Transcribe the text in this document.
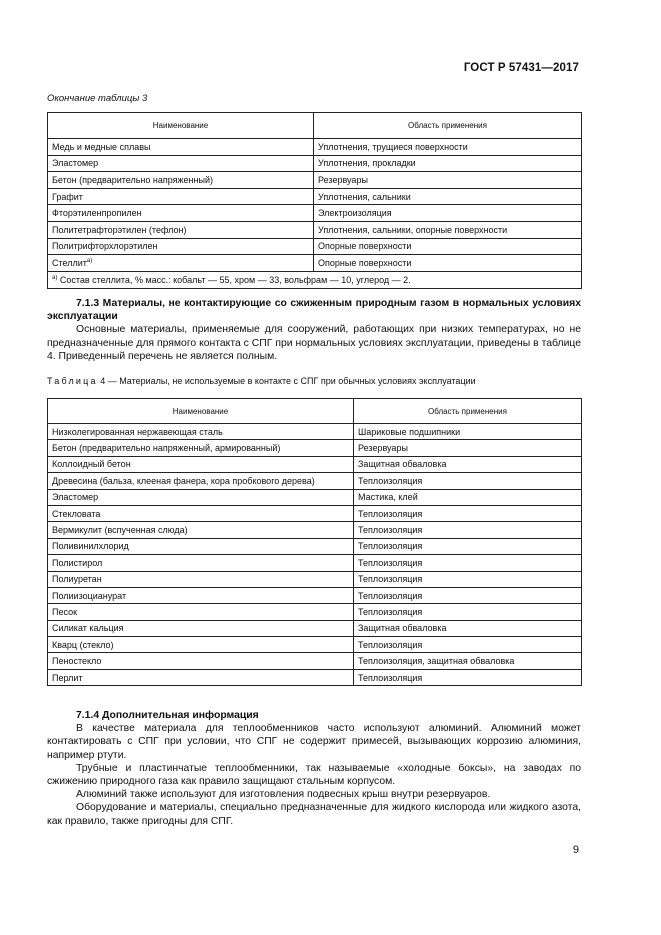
ГОСТ Р 57431—2017
Окончание таблицы 3
Наименование	Область применения
Медь и медные сплавы	Уплотнения, трущиеся поверхности
Эластомер	Уплотнения, прокладки
Бетон (предварительно напряженный)	Резервуары
Графит	Уплотнения, сальники
Фторэтиленпропилен	Электроизоляция
Политетрафторэтилен (тефлон)	Уплотнения, сальники, опорные поверхности
Политрифторхлорэтилен	Опорные поверхности
Стеллит$^{а)}$	Опорные поверхности
$^{а)}$ Состав стеллита, % масс.: кобальт — 55, хром — 33, вольфрам — 10, углерод — 2.	
7.1.3 Материалы, не контактирующие со сжиженным природным газом в нормальных условиях эксплуатации
Основные материалы, применяемые для сооружений, работающих при низких температурах, но не предназначенные для прямого контакта с СПГ при нормальных условиях эксплуатации, приведены в таблице 4. Приведенный перечень не является полным.
Таблица 4 — Материалы, не используемые в контакте с СПГ при обычных условиях эксплуатации
Наименование	Область применения
Низколегированная нержавеющая сталь	Шариковые подшипники
Бетон (предварительно напряженный, армированный)	Резервуары
Коллоидный бетон	Защитная обваловка
Древесина (бальза, клееная фанера, кора пробкового дерева)	Теплоизоляция
Эластомер	Мастика, клей
Стекловата	Теплоизоляция
Вермикулит (вспученная слюда)	Теплоизоляция
Поливинилхлорид	Теплоизоляция
Полистирол	Теплоизоляция
Полиуретан	Теплоизоляция
Полиизоцианурат	Теплоизоляция
Песок	Теплоизоляция
Силикат кальция	Защитная обваловка
Кварц (стекло)	Теплоизоляция
Пеностекло	Теплоизоляция, защитная обваловка
Перлит	Теплоизоляция
7.1.4 Дополнительная информация
В качестве материала для теплообменников часто используют алюминий. Алюминий может контактировать с СПГ при условии, что СПГ не содержит примесей, вызывающих коррозию алюминия, например ртути.
Трубные и пластинчатые теплообменники, так называемые «холодные боксы», на заводах по сжижению природного газа как правило защищают стальным корпусом.
Алюминий также используют для изготовления подвесных крыш внутри резервуаров.
Оборудование и материалы, специально предназначенные для жидкого кислорода или жидкого азота, как правило, также пригодны для СПГ.
9
